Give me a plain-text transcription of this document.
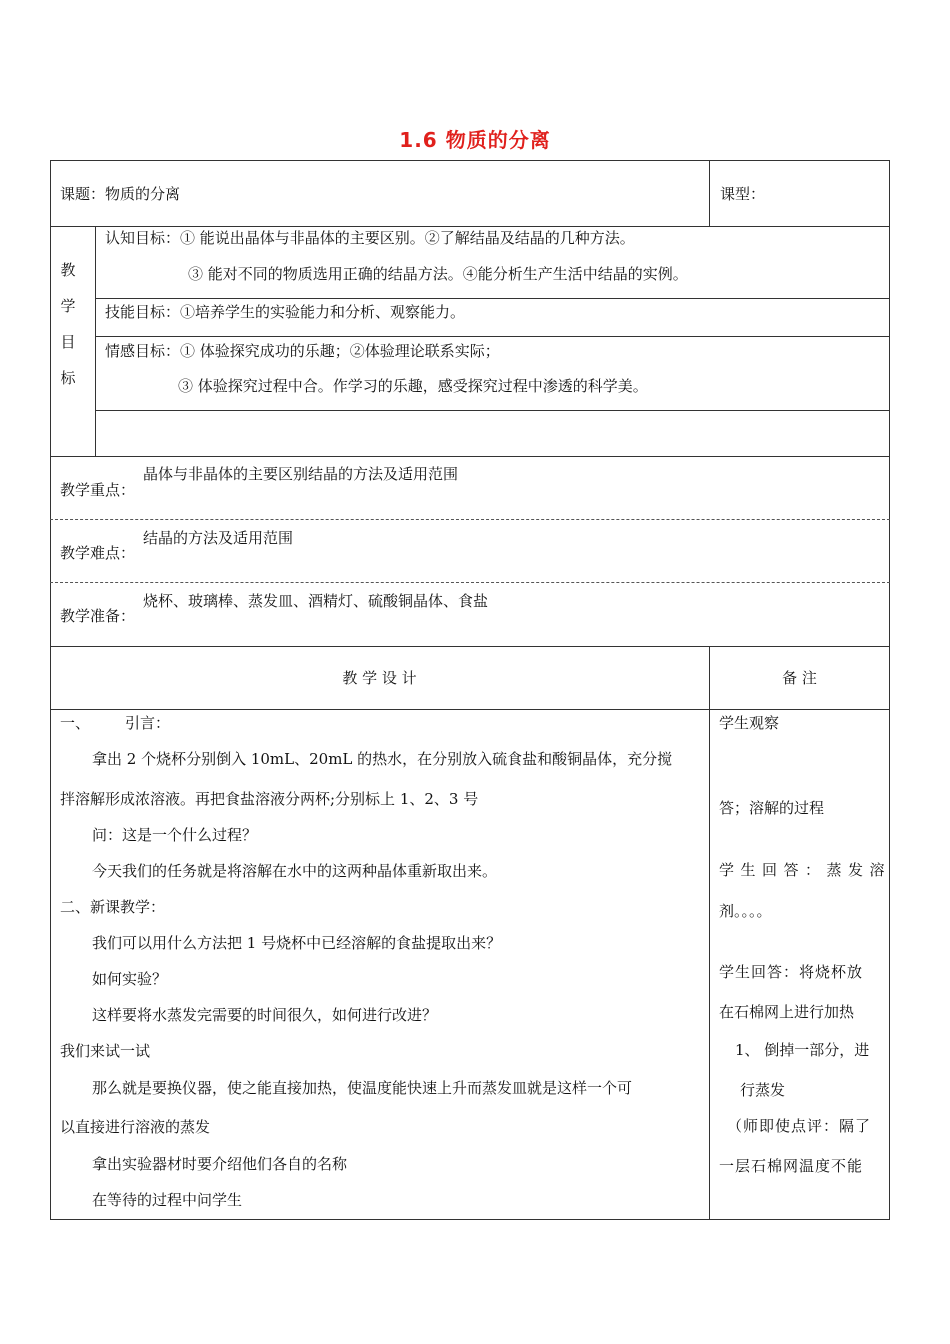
1.6 物质的分离
课题：物质的分离	课型：
教
学
目
标
认知目标：① 能说出晶体与非晶体的主要区别。②了解结晶及结晶的几种方法。
③ 能对不同的物质选用正确的结晶方法。④能分析生产生活中结晶的实例。
技能目标：①培养学生的实验能力和分析、观察能力。
情感目标：① 体验探究成功的乐趣；②体验理论联系实际；
③ 体验探究过程中合。作学习的乐趣，感受探究过程中渗透的科学美。
教学重点：
晶体与非晶体的主要区别结晶的方法及适用范围
教学难点：
结晶的方法及适用范围
教学准备：
烧杯、玻璃棒、蒸发皿、酒精灯、硫酸铜晶体、食盐
教 学 设 计	备 注
一、 引言：
拿出 2 个烧杯分别倒入 10mL、20mL 的热水，在分别放入硫食盐和酸铜晶体，充分搅
拌溶解形成浓溶液。再把食盐溶液分两杯;分别标上 1、2、3 号
问：这是一个什么过程？
今天我们的任务就是将溶解在水中的这两种晶体重新取出来。
二、新课教学：
我们可以用什么方法把 1 号烧杯中已经溶解的食盐提取出来？
如何实验？
这样要将水蒸发完需要的时间很久，如何进行改进？
我们来试一试
那么就是要换仪器，使之能直接加热，使温度能快速上升而蒸发皿就是这样一个可
以直接进行溶液的蒸发
拿出实验器材时要介绍他们各自的名称
在等待的过程中问学生
学生观察
答；溶解的过程
学生回答：蒸发溶
剂。。。。
学生回答：将烧杯放
在石棉网上进行加热
1、 倒掉一部分，进
行蒸发
（师即使点评：隔了
一层石棉网温度不能
